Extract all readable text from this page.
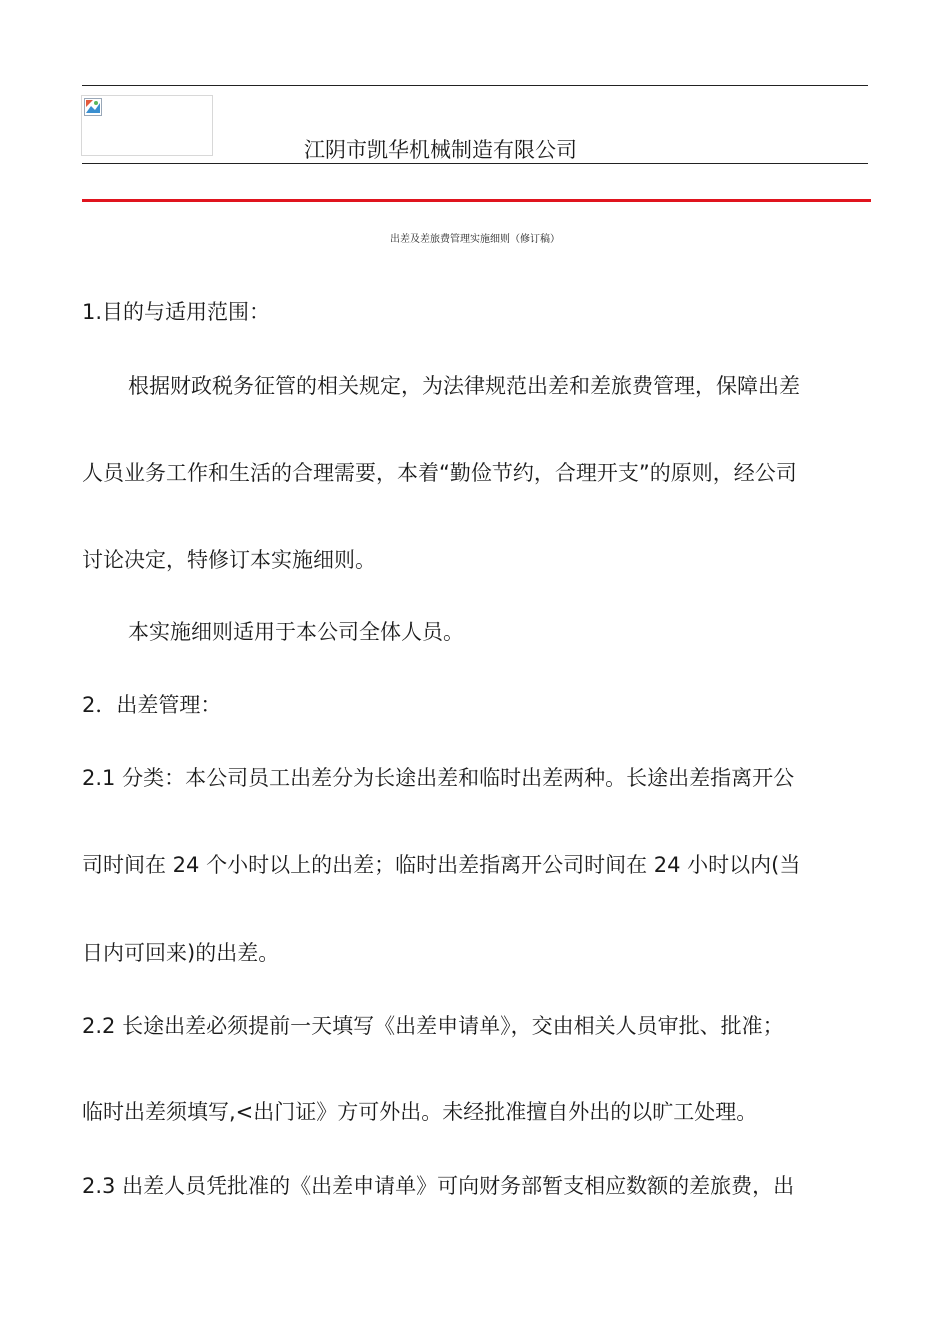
江阴市凯华机械制造有限公司
出差及差旅费管理实施细则（修订稿）
1.目的与适用范围：
根据财政税务征管的相关规定，为法律规范出差和差旅费管理，保障出差
人员业务工作和生活的合理需要，本着“勤俭节约，合理开支”的原则，经公司
讨论决定，特修订本实施细则。
本实施细则适用于本公司全体人员。
2．出差管理：
2.1 分类：本公司员工出差分为长途出差和临时出差两种。长途出差指离开公
司时间在 24 个小时以上的出差；临时出差指离开公司时间在 24 小时以内(当
日内可回来)的出差。
2.2 长途出差必须提前一天填写《出差申请单》，交由相关人员审批、批准；
临时出差须填写,<出门证》方可外出。未经批准擅自外出的以旷工处理。
2.3 出差人员凭批准的《出差申请单》可向财务部暂支相应数额的差旅费，出
